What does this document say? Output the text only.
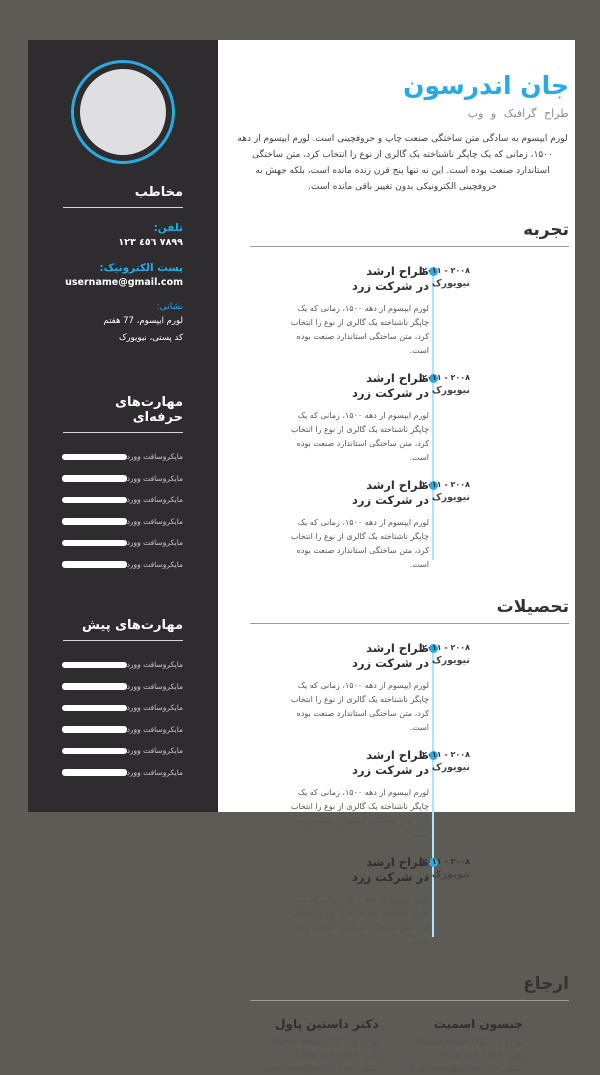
مخاطب
تلفن:
۱۲۳ ٤٥٦ ۷۸۹۹
پست الکترونیک:
username@gmail.com
نشانی:
لورم ایپسوم، 77 هفتم
کد پستی، نیویورک
مهارت‌های حرفه‌ای
مایکروسافت وورد
مایکروسافت وورد
مایکروسافت وورد
مایکروسافت وورد
مایکروسافت وورد
مایکروسافت وورد
مهارت‌های پیش
مایکروسافت وورد
مایکروسافت وورد
مایکروسافت وورد
مایکروسافت وورد
مایکروسافت وورد
مایکروسافت وورد
جان اندرسون
طراح گرافیک و وب

لورم ایپسوم به سادگی متن ساختگی صنعت چاپ و حروفچینی است. لورم ایپسوم از دهه ۱۵۰۰، زمانی که یک چاپگر ناشناخته یک گالری از نوع را انتخاب کرد، متن ساختگی استاندارد صنعت بوده است. این نه تنها پنج قرن زنده مانده است، بلکه جهش به حروفچینی الکترونیکی بدون تغییر باقی مانده است.

تجربه
۲۰۱۱ - ۲۰۰۸
نیویورک
طراح ارشد
در شرکت زرد
لورم ایپسوم از دهه ۱۵۰۰، زمانی که یک چاپگر ناشناخته یک گالری از نوع را انتخاب کرد، متن ساختگی استاندارد صنعت بوده است.
۲۰۱۱ - ۲۰۰۸
نیویورک
طراح ارشد
در شرکت زرد
لورم ایپسوم از دهه ۱۵۰۰، زمانی که یک چاپگر ناشناخته یک گالری از نوع را انتخاب کرد، متن ساختگی استاندارد صنعت بوده است.
۲۰۱۱ - ۲۰۰۸
نیویورک
طراح ارشد
در شرکت زرد
لورم ایپسوم از دهه ۱۵۰۰، زمانی که یک چاپگر ناشناخته یک گالری از نوع را انتخاب کرد، متن ساختگی استاندارد صنعت بوده است.
تحصیلات
۲۰۱۱ - ۲۰۰۸
نیویورک
طراح ارشد
در شرکت زرد
لورم ایپسوم از دهه ۱۵۰۰، زمانی که یک چاپگر ناشناخته یک گالری از نوع را انتخاب کرد، متن ساختگی استاندارد صنعت بوده است.
۲۰۱۱ - ۲۰۰۸
نیویورک
طراح ارشد
در شرکت زرد
لورم ایپسوم از دهه ۱۵۰۰، زمانی که یک چاپگر ناشناخته یک گالری از نوع را انتخاب کرد، متن ساختگی استاندارد صنعت بوده است.
۲۰۱۱ - ۲۰۰۸
نیویورک
طراح ارشد
در شرکت زرد
لورم ایپسوم از دهه ۱۵۰۰، زمانی که یک چاپگر ناشناخته یک گالری از نوع را انتخاب کرد، متن ساختگی استاندارد صنعت بوده است.
ارجاع
جنسون اسمیت
طراح وب، Matrix Media LTD
تلفن: 5566 123 +555
ایمیل: dustinpaul@gmail.com
دکتر داستین پاول
طراح وب، Matrix Media LTD
تلفن: 5566 123 +555
ایمیل: dustinpaul@gmail.com
